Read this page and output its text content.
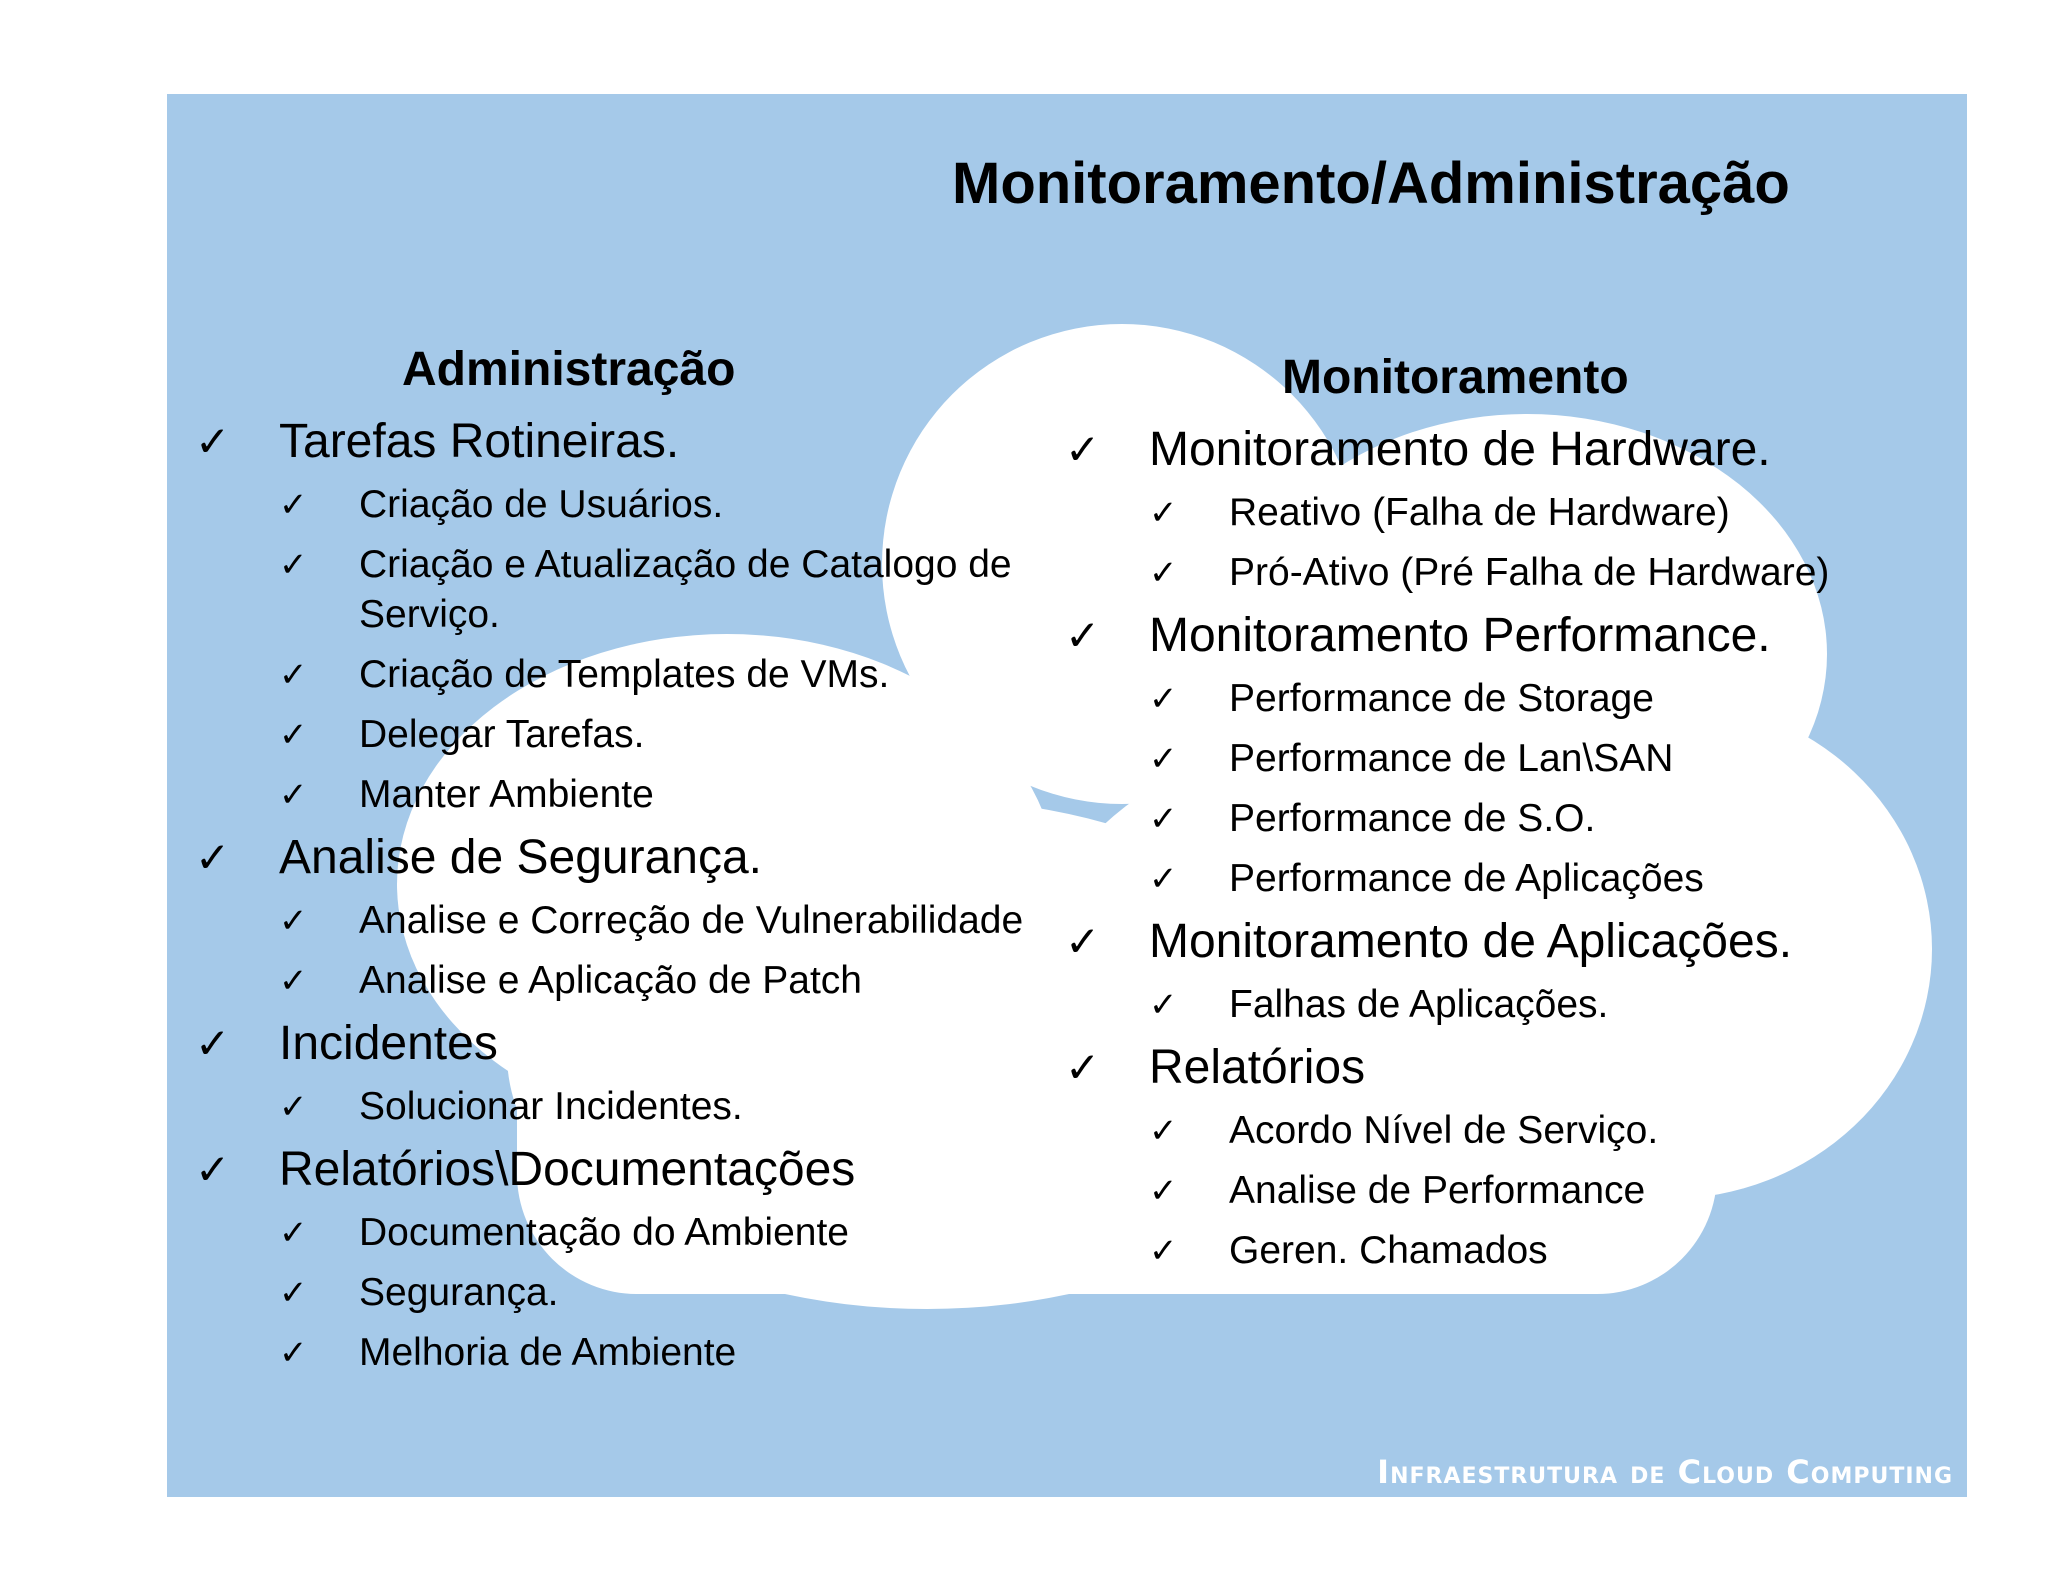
Monitoramento/Administração
Administração	Monitoramento
✓ Tarefas Rotineiras.
✓ Criação de Usuários.
✓ Criação e Atualização de Catalogo de Serviço.
✓ Criação de Templates de VMs.
✓ Delegar Tarefas.
✓ Manter Ambiente
✓ Analise de Segurança.
✓ Analise e Correção de Vulnerabilidade
✓ Analise e Aplicação de Patch
✓ Incidentes
✓ Solucionar Incidentes.
✓ Relatórios\Documentações
✓ Documentação do Ambiente
✓ Segurança.
✓ Melhoria de Ambiente
✓ Monitoramento de Hardware.
✓ Reativo (Falha de Hardware)
✓ Pró-Ativo (Pré Falha de Hardware)
✓ Monitoramento Performance.
✓ Performance de Storage
✓ Performance de Lan\SAN
✓ Performance de S.O.
✓ Performance de Aplicações
✓ Monitoramento de Aplicações.
✓ Falhas de Aplicações.
✓ Relatórios
✓ Acordo Nível de Serviço.
✓ Analise de Performance
✓ Geren. Chamados
Infraestrutura de Cloud Computing
